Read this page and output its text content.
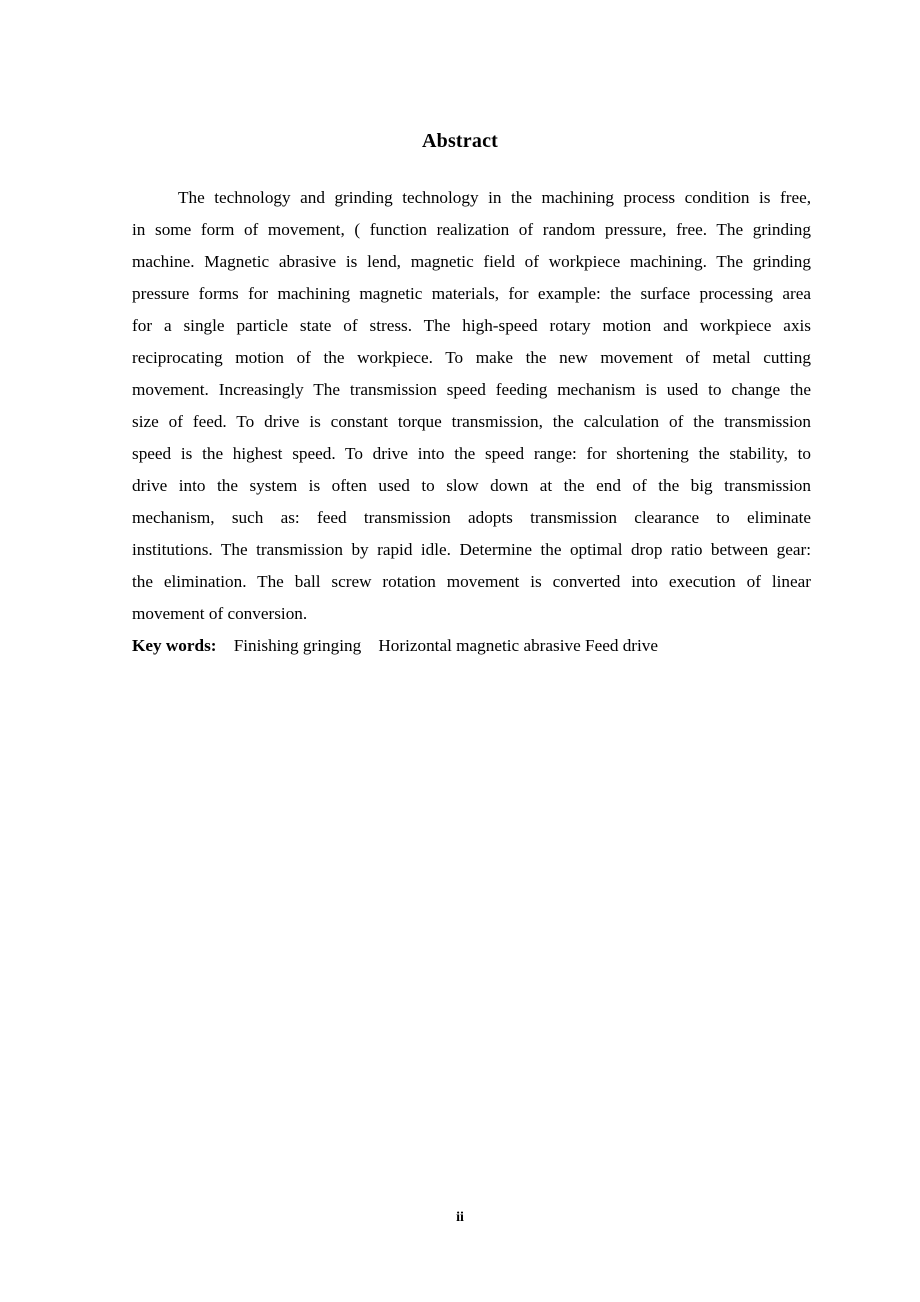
Abstract
The technology and grinding technology in the machining process condition is free,
in some form of movement, ( function realization of random pressure, free. The grinding
machine. Magnetic abrasive is lend, magnetic field of workpiece machining. The grinding
pressure forms for machining magnetic materials, for example: the surface processing area
for a single particle state of stress. The high-speed rotary motion and workpiece axis
reciprocating motion of the workpiece. To make the new movement of metal cutting
movement. Increasingly The transmission speed feeding mechanism is used to change the
size of feed. To drive is constant torque transmission, the calculation of the transmission
speed is the highest speed. To drive into the speed range: for shortening the stability, to
drive into the system is often used to slow down at the end of the big transmission
mechanism, such as: feed transmission adopts transmission clearance to eliminate
institutions. The transmission by rapid idle. Determine the optimal drop ratio between gear:
the elimination. The ball screw rotation movement is converted into execution of linear
movement of conversion.
Key words: Finishing gringing    Horizontal magnetic abrasive Feed drive
ii
